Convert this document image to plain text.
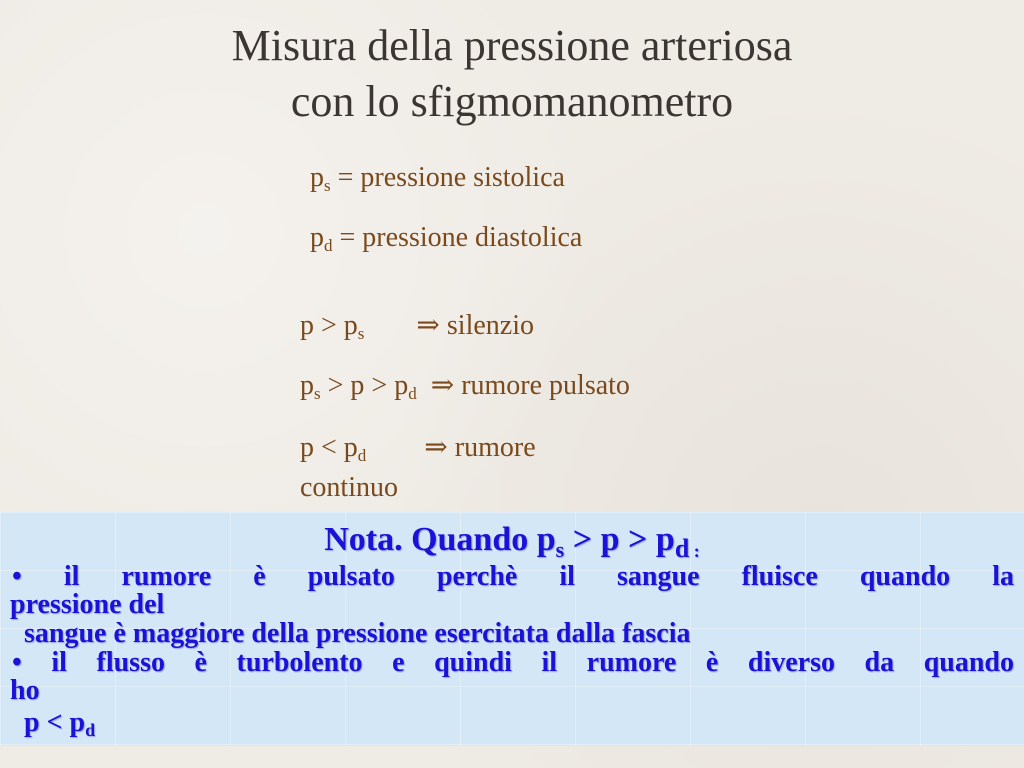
Misura della pressione arteriosa
con lo sfigmomanometro
$p_s$ = pressione sistolica
$p_d$ = pressione diastolica
$p > p_s$ ⇒ silenzio
$p_s > p > p_d$ ⇒ rumore pulsato
$p < p_d$ ⇒ rumore
continuo
Nota. Quando $p_s > p > p_{d :}$
• il rumore è pulsato perchè il sangue fluisce quando la
pressione del
sangue è maggiore della pressione esercitata dalla fascia
• il flusso è turbolento e quindi il rumore è diverso da quando
ho
$p < p_d$
